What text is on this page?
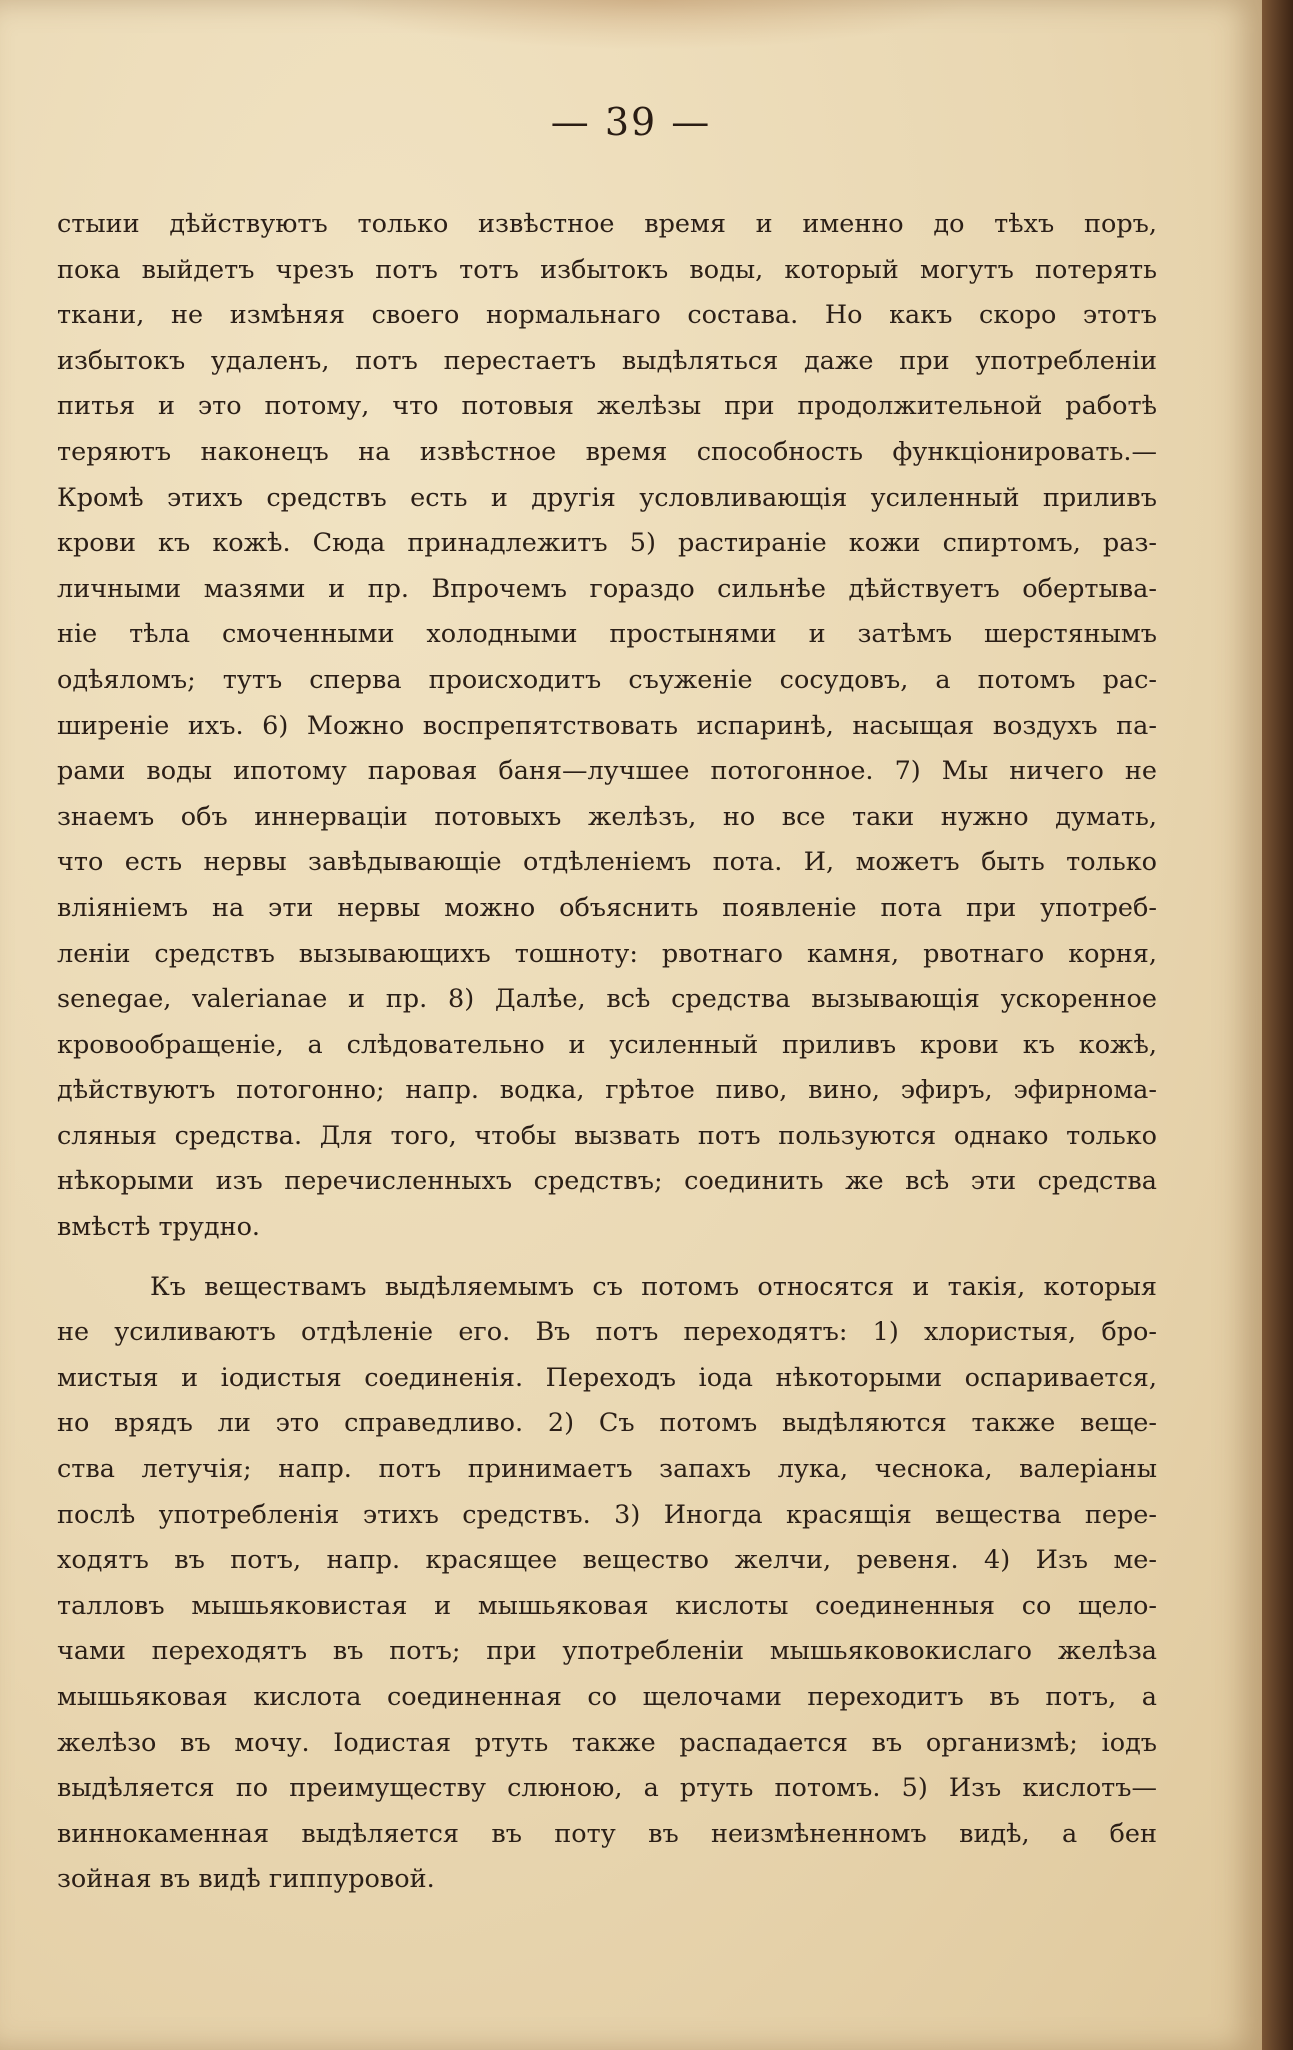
— 39 —

стыии дѣйствуютъ только извѣстное время и именно до тѣхъ поръ,
пока выйдетъ чрезъ потъ тотъ избытокъ воды, который могутъ потерять
ткани, не измѣняя своего нормальнаго состава. Но какъ скоро этотъ
избытокъ удаленъ, потъ перестаетъ выдѣляться даже при употребленіи
питья и это потому, что потовыя желѣзы при продолжительной работѣ
теряютъ наконецъ на извѣстное время способность функціонировать.—
Кромѣ этихъ средствъ есть и другія условливающія усиленный приливъ
крови къ кожѣ. Сюда принадлежитъ 5) растираніе кожи спиртомъ, раз-
личными мазями и пр. Впрочемъ гораздо сильнѣе дѣйствуетъ обертыва-
ніе тѣла смоченными холодными простынями и затѣмъ шерстянымъ
одѣяломъ; тутъ сперва происходитъ съуженіе сосудовъ, а потомъ рас-
ширеніе ихъ. 6) Можно воспрепятствовать испаринѣ, насыщая воздухъ па-
рами воды ипотому паровая баня—лучшее потогонное. 7) Мы ничего не
знаемъ объ иннерваціи потовыхъ желѣзъ, но все таки нужно думать,
что есть нервы завѣдывающіе отдѣленіемъ пота. И, можетъ быть только
вліяніемъ на эти нервы можно объяснить появленіе пота при употреб-
леніи средствъ вызывающихъ тошноту: рвотнаго камня, рвотнаго корня,
senegae, valerianae и пр. 8) Далѣе, всѣ средства вызывающія ускоренное
кровообращеніе, а слѣдовательно и усиленный приливъ крови къ кожѣ,
дѣйствуютъ потогонно; напр. водка, грѣтое пиво, вино, эфиръ, эфирнома-
сляныя средства. Для того, чтобы вызвать потъ пользуются однако только
нѣкорыми изъ перечисленныхъ средствъ; соединить же всѣ эти средства
вмѣстѣ трудно.
Къ веществамъ выдѣляемымъ съ потомъ относятся и такія, которыя
не усиливаютъ отдѣленіе его. Въ потъ переходятъ: 1) хлористыя, бро-
мистыя и іодистыя соединенія. Переходъ іода нѣкоторыми оспаривается,
но врядъ ли это справедливо. 2) Съ потомъ выдѣляются также веще-
ства летучія; напр. потъ принимаетъ запахъ лука, чеснока, валеріаны
послѣ употребленія этихъ средствъ. 3) Иногда красящія вещества пере-
ходятъ въ потъ, напр. красящее вещество желчи, ревеня. 4) Изъ ме-
талловъ мышьяковистая и мышьяковая кислоты соединенныя со щело-
чами переходятъ въ потъ; при употребленіи мышьяковокислаго желѣза
мышьяковая кислота соединенная со щелочами переходитъ въ потъ, а
желѣзо въ мочу. Іодистая ртуть также распадается въ организмѣ; іодъ
выдѣляется по преимуществу слюною, а ртуть потомъ. 5) Изъ кислотъ—
виннокаменная выдѣляется въ поту въ неизмѣненномъ видѣ, а бен
зойная въ видѣ гиппуровой.
